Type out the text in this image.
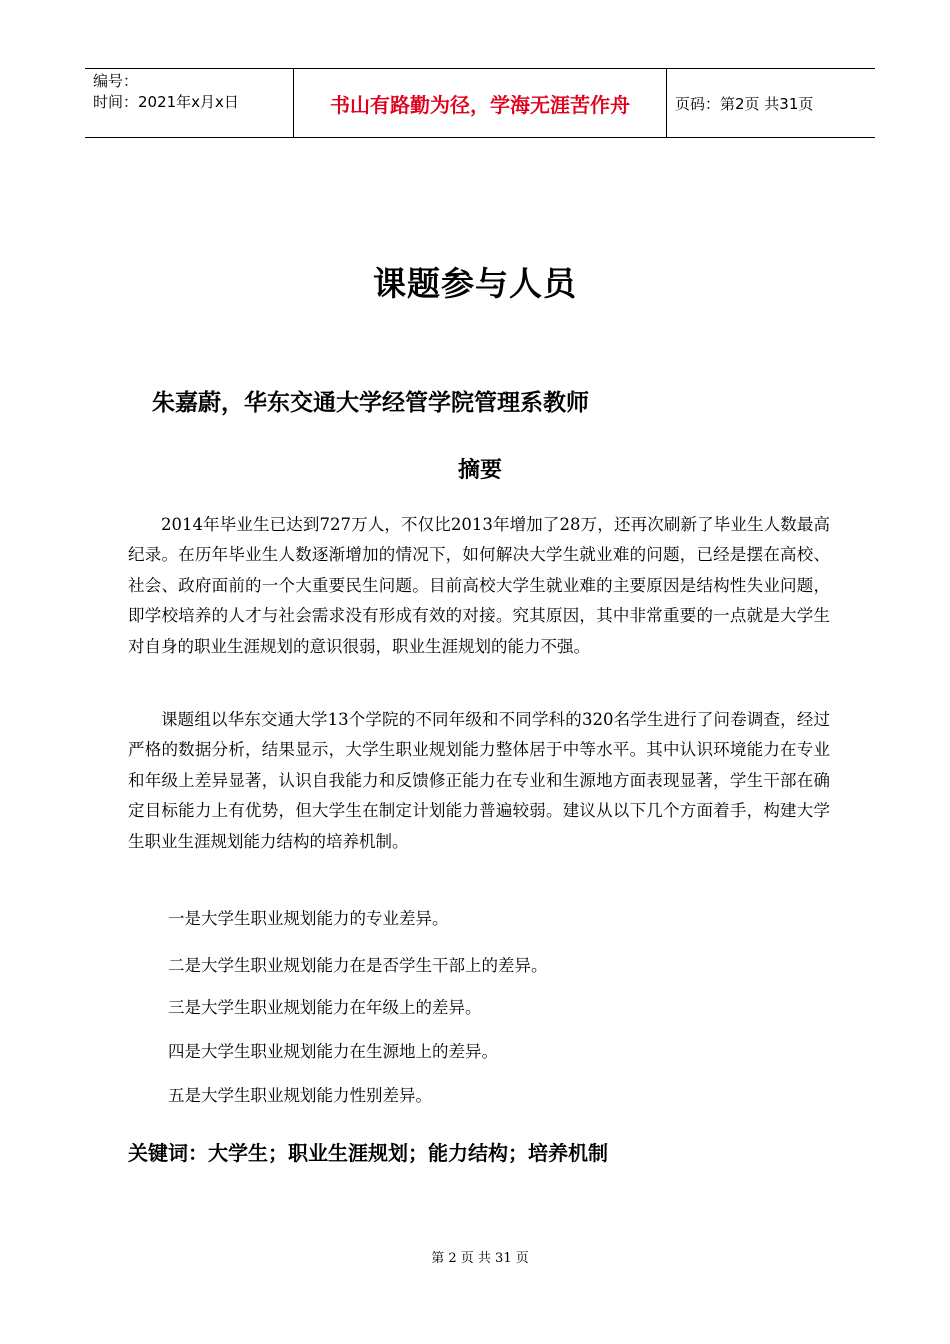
编号：
时间：2021年x月x日	书山有路勤为径，学海无涯苦作舟	页码：第2页 共31页
课题参与人员
朱嘉蔚，华东交通大学经管学院管理系教师
摘要

2014年毕业生已达到727万人，不仅比2013年增加了28万，还再次刷新了毕业生人数最高纪录。在历年毕业生人数逐渐增加的情况下，如何解决大学生就业难的问题，已经是摆在高校、社会、政府面前的一个大重要民生问题。目前高校大学生就业难的主要原因是结构性失业问题，即学校培养的人才与社会需求没有形成有效的对接。究其原因，其中非常重要的一点就是大学生对自身的职业生涯规划的意识很弱，职业生涯规划的能力不强。

课题组以华东交通大学13个学院的不同年级和不同学科的320名学生进行了问卷调查，经过严格的数据分析，结果显示，大学生职业规划能力整体居于中等水平。其中认识环境能力在专业和年级上差异显著，认识自我能力和反馈修正能力在专业和生源地方面表现显著，学生干部在确定目标能力上有优势，但大学生在制定计划能力普遍较弱。建议从以下几个方面着手，构建大学生职业生涯规划能力结构的培养机制。

一是大学生职业规划能力的专业差异。
二是大学生职业规划能力在是否学生干部上的差异。
三是大学生职业规划能力在年级上的差异。
四是大学生职业规划能力在生源地上的差异。
五是大学生职业规划能力性别差异。
关键词：大学生；职业生涯规划；能力结构；培养机制
第 2 页 共 31 页
